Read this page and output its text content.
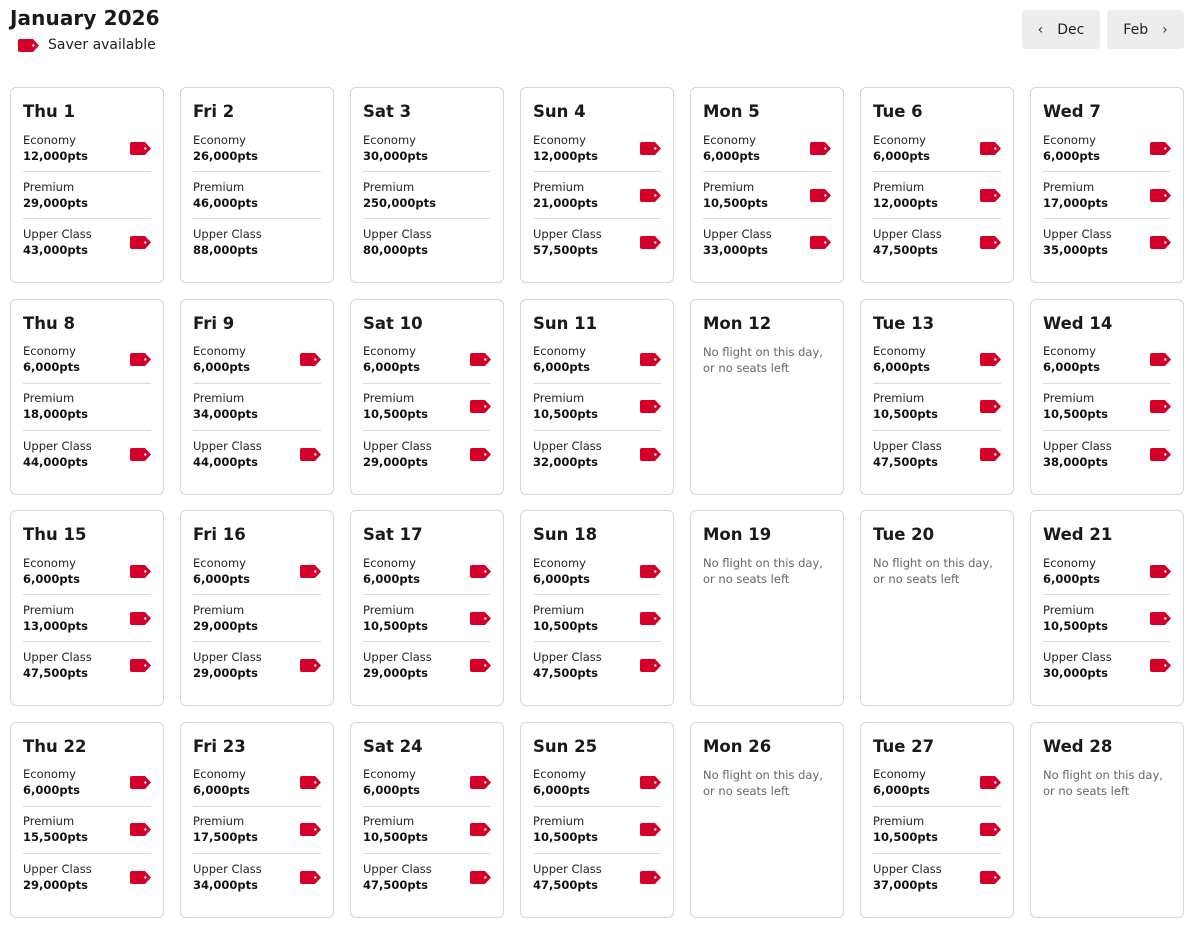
January 2026
Saver available
‹ Dec	Feb ›
Thu 1
Economy
12,000pts
Premium
29,000pts
Upper Class
43,000pts
Fri 2
Economy
26,000pts
Premium
46,000pts
Upper Class
88,000pts
Sat 3
Economy
30,000pts
Premium
250,000pts
Upper Class
80,000pts
Sun 4
Economy
12,000pts
Premium
21,000pts
Upper Class
57,500pts
Mon 5
Economy
6,000pts
Premium
10,500pts
Upper Class
33,000pts
Tue 6
Economy
6,000pts
Premium
12,000pts
Upper Class
47,500pts
Wed 7
Economy
6,000pts
Premium
17,000pts
Upper Class
35,000pts
Thu 8
Economy
6,000pts
Premium
18,000pts
Upper Class
44,000pts
Fri 9
Economy
6,000pts
Premium
34,000pts
Upper Class
44,000pts
Sat 10
Economy
6,000pts
Premium
10,500pts
Upper Class
29,000pts
Sun 11
Economy
6,000pts
Premium
10,500pts
Upper Class
32,000pts
Mon 12
No flight on this day,
or no seats left
Tue 13
Economy
6,000pts
Premium
10,500pts
Upper Class
47,500pts
Wed 14
Economy
6,000pts
Premium
10,500pts
Upper Class
38,000pts
Thu 15
Economy
6,000pts
Premium
13,000pts
Upper Class
47,500pts
Fri 16
Economy
6,000pts
Premium
29,000pts
Upper Class
29,000pts
Sat 17
Economy
6,000pts
Premium
10,500pts
Upper Class
29,000pts
Sun 18
Economy
6,000pts
Premium
10,500pts
Upper Class
47,500pts
Mon 19
No flight on this day,
or no seats left
Tue 20
No flight on this day,
or no seats left
Wed 21
Economy
6,000pts
Premium
10,500pts
Upper Class
30,000pts
Thu 22
Economy
6,000pts
Premium
15,500pts
Upper Class
29,000pts
Fri 23
Economy
6,000pts
Premium
17,500pts
Upper Class
34,000pts
Sat 24
Economy
6,000pts
Premium
10,500pts
Upper Class
47,500pts
Sun 25
Economy
6,000pts
Premium
10,500pts
Upper Class
47,500pts
Mon 26
No flight on this day,
or no seats left
Tue 27
Economy
6,000pts
Premium
10,500pts
Upper Class
37,000pts
Wed 28
No flight on this day,
or no seats left
